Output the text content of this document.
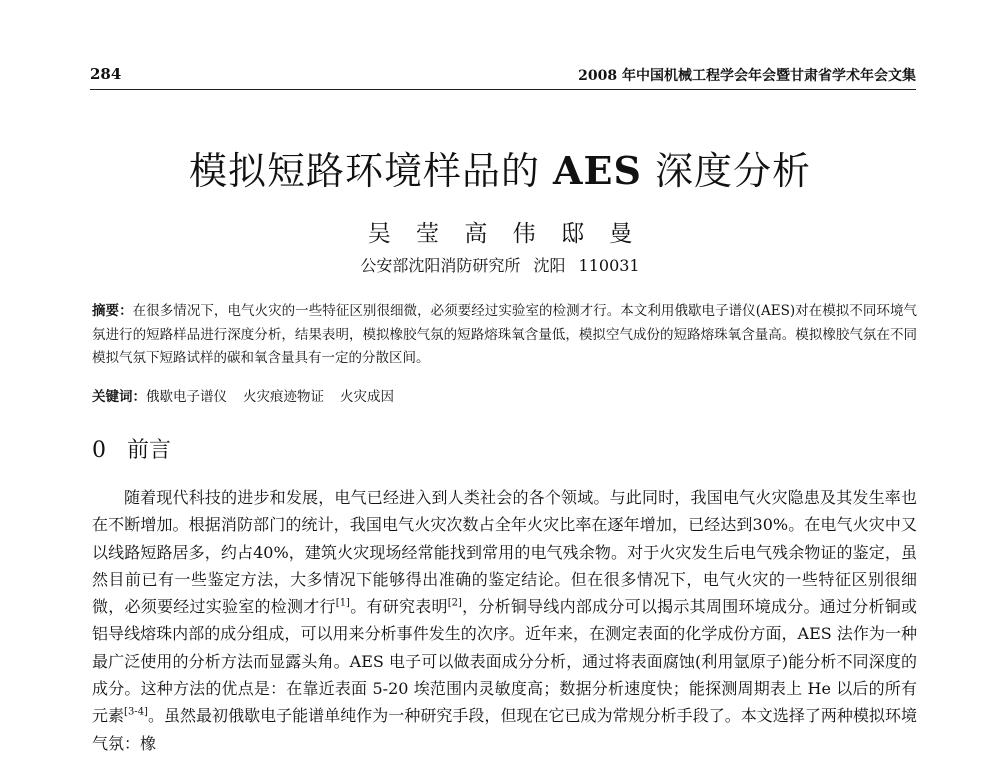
284	2008 年中国机械工程学会年会暨甘肃省学术年会文集
模拟短路环境样品的 AES 深度分析
吴 莹 高 伟 邸 曼
公安部沈阳消防研究所 沈阳 110031
摘要：在很多情况下，电气火灾的一些特征区别很细微，必须要经过实验室的检测才行。本文利用俄歇电子谱仪(AES)对在模拟不同环境气氛进行的短路样品进行深度分析，结果表明，模拟橡胶气氛的短路熔珠氧含量低，模拟空气成份的短路熔珠氧含量高。模拟橡胶气氛在不同模拟气氛下短路试样的碳和氧含量具有一定的分散区间。
关键词：俄歇电子谱仪 火灾痕迹物证 火灾成因
0 前言
随着现代科技的进步和发展，电气已经进入到人类社会的各个领域。与此同时，我国电气火灾隐患及其发生率也在不断增加。根据消防部门的统计，我国电气火灾次数占全年火灾比率在逐年增加，已经达到30%。在电气火灾中又以线路短路居多，约占40%，建筑火灾现场经常能找到常用的电气残余物。对于火灾发生后电气残余物证的鉴定，虽然目前已有一些鉴定方法，大多情况下能够得出准确的鉴定结论。但在很多情况下，电气火灾的一些特征区别很细微，必须要经过实验室的检测才行[1]。有研究表明[2]，分析铜导线内部成分可以揭示其周围环境成分。通过分析铜或铝导线熔珠内部的成分组成，可以用来分析事件发生的次序。近年来，在测定表面的化学成份方面，AES 法作为一种最广泛使用的分析方法而显露头角。AES 电子可以做表面成分分析，通过将表面腐蚀(利用氩原子)能分析不同深度的成分。这种方法的优点是：在靠近表面 5-20 埃范围内灵敏度高；数据分析速度快；能探测周期表上 He 以后的所有元素[3-4]。虽然最初俄歇电子能谱单纯作为一种研究手段，但现在它已成为常规分析手段了。本文选择了两种模拟环境气氛：橡
